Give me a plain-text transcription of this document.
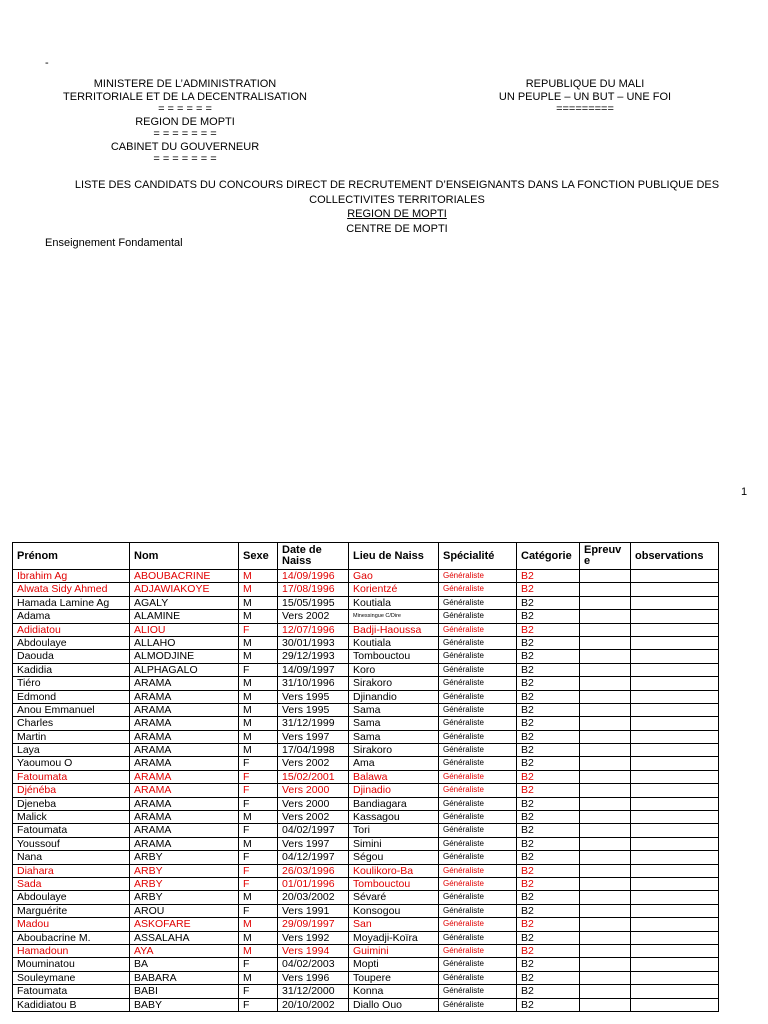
-
MINISTERE DE L’ADMINISTRATION
TERRITORIALE ET DE LA DECENTRALISATION
= = = = = =
REGION DE MOPTI
= = = = = = =
CABINET DU GOUVERNEUR
= = = = = = =
REPUBLIQUE DU MALI
UN PEUPLE – UN BUT – UNE FOI
=========
LISTE DES CANDIDATS DU CONCOURS DIRECT DE RECRUTEMENT D’ENSEIGNANTS DANS LA FONCTION PUBLIQUE DES
COLLECTIVITES TERRITORIALES
REGION DE MOPTI
CENTRE DE MOPTI
Enseignement Fondamental
1
Prénom	Nom	Sexe	Date de Naiss	Lieu de Naiss	Spécialité	Catégorie	Epreuv e	observations
Ibrahim Ag	ABOUBACRINE	M	14/09/1996	Gao	Généraliste	B2		
Alwata Sidy Ahmed	ADJAWIAKOYE	M	17/08/1996	Korientzé	Généraliste	B2		
Hamada Lamine Ag	AGALY	M	15/05/1995	Koutiala	Généraliste	B2		
Adama	ALAMINE	M	Vers 2002	Minessingue C/Dire	Généraliste	B2		
Adidiatou	ALIOU	F	12/07/1996	Badji-Haoussa	Généraliste	B2		
Abdoulaye	ALLAHO	M	30/01/1993	Koutiala	Généraliste	B2		
Daouda	ALMODJINE	M	29/12/1993	Tombouctou	Généraliste	B2		
Kadidia	ALPHAGALO	F	14/09/1997	Koro	Généraliste	B2		
Tiéro	ARAMA	M	31/10/1996	Sirakoro	Généraliste	B2		
Edmond	ARAMA	M	Vers 1995	Djinandio	Généraliste	B2		
Anou Emmanuel	ARAMA	M	Vers 1995	Sama	Généraliste	B2		
Charles	ARAMA	M	31/12/1999	Sama	Généraliste	B2		
Martin	ARAMA	M	Vers 1997	Sama	Généraliste	B2		
Laya	ARAMA	M	17/04/1998	Sirakoro	Généraliste	B2		
Yaoumou O	ARAMA	F	Vers 2002	Ama	Généraliste	B2		
Fatoumata	ARAMA	F	15/02/2001	Balawa	Généraliste	B2		
Djénéba	ARAMA	F	Vers 2000	Djinadio	Généraliste	B2		
Djeneba	ARAMA	F	Vers 2000	Bandiagara	Généraliste	B2		
Malick	ARAMA	M	Vers 2002	Kassagou	Généraliste	B2		
Fatoumata	ARAMA	F	04/02/1997	Tori	Généraliste	B2		
Youssouf	ARAMA	M	Vers 1997	Simini	Généraliste	B2		
Nana	ARBY	F	04/12/1997	Ségou	Généraliste	B2		
Diahara	ARBY	F	26/03/1996	Koulikoro-Ba	Généraliste	B2		
Sada	ARBY	F	01/01/1996	Tombouctou	Généraliste	B2		
Abdoulaye	ARBY	M	20/03/2002	Sévaré	Généraliste	B2		
Marguérite	AROU	F	Vers 1991	Konsogou	Généraliste	B2		
Madou	ASKOFARE	M	29/09/1997	San	Généraliste	B2		
Aboubacrine M.	ASSALAHA	M	Vers 1992	Moyadji-Koïra	Généraliste	B2		
Hamadoun	AYA	M	Vers 1994	Guimini	Généraliste	B2		
Mouminatou	BA	F	04/02/2003	Mopti	Généraliste	B2		
Souleymane	BABARA	M	Vers 1996	Toupere	Généraliste	B2		
Fatoumata	BABI	F	31/12/2000	Konna	Généraliste	B2		
Kadidiatou B	BABY	F	20/10/2002	Diallo Ouo	Généraliste	B2		
